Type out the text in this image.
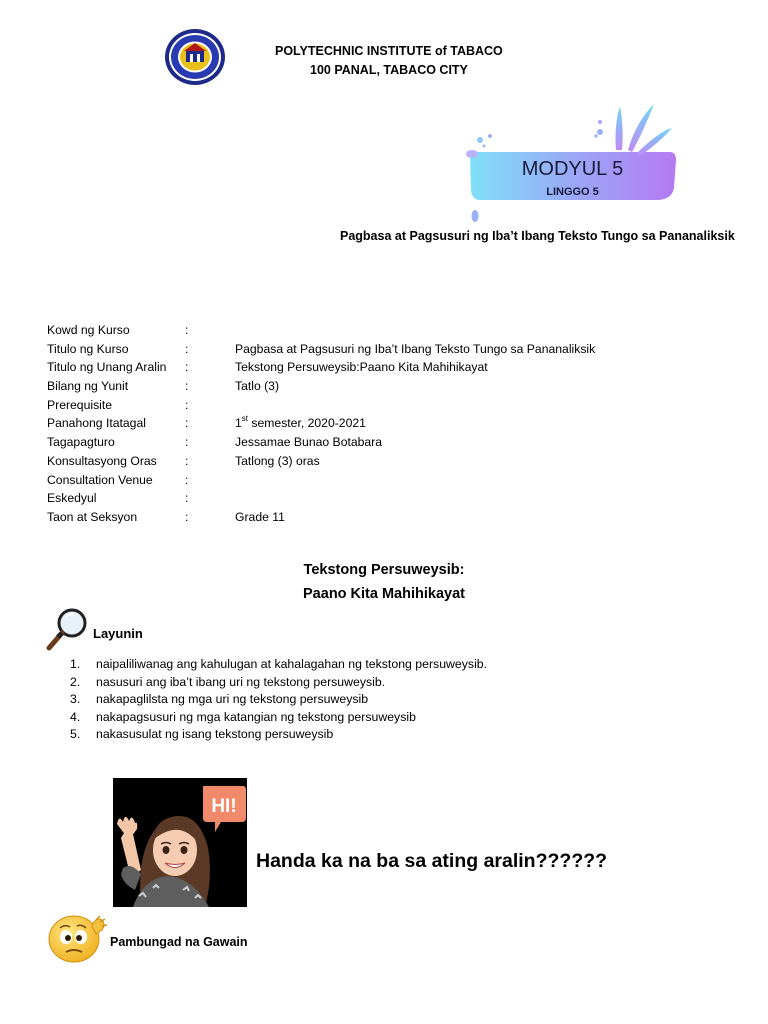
POLYTECHNIC INSTITUTE of TABACO
100 PANAL, TABACO CITY
MODYUL 5
LINGGO 5
Pagbasa at Pagsusuri ng Iba’t Ibang Teksto Tungo sa Pananaliksik
Kowd ng Kurso	:
Titulo ng Kurso	:	Pagbasa at Pagsusuri ng Iba’t Ibang Teksto Tungo sa Pananaliksik
Titulo ng Unang Aralin :	Tekstong Persuweysib:Paano Kita Mahihikayat
Bilang ng Yunit	:	Tatlo (3)
Prerequisite	:
Panahong Itatagal	:	1st semester, 2020-2021
Tagapagturo	:	Jessamae Bunao Botabara
Konsultasyong Oras :	Tatlong (3) oras
Consultation Venue	:
Eskedyul	:
Taon at Seksyon	:	Grade 11
Tekstong Persuweysib:
Paano Kita Mahihikayat
Layunin
1. naipaliliwanag ang kahulugan at kahalagahan ng tekstong persuweysib.
2. nasusuri ang iba’t ibang uri ng tekstong persuweysib.
3. nakapaglilsta ng mga uri ng tekstong persuweysib
4. nakapagsusuri ng mga katangian ng tekstong persuweysib
5. nakasusulat ng isang tekstong persuweysib
HI!
Handa ka na ba sa ating aralin??????
Pambungad na Gawain
